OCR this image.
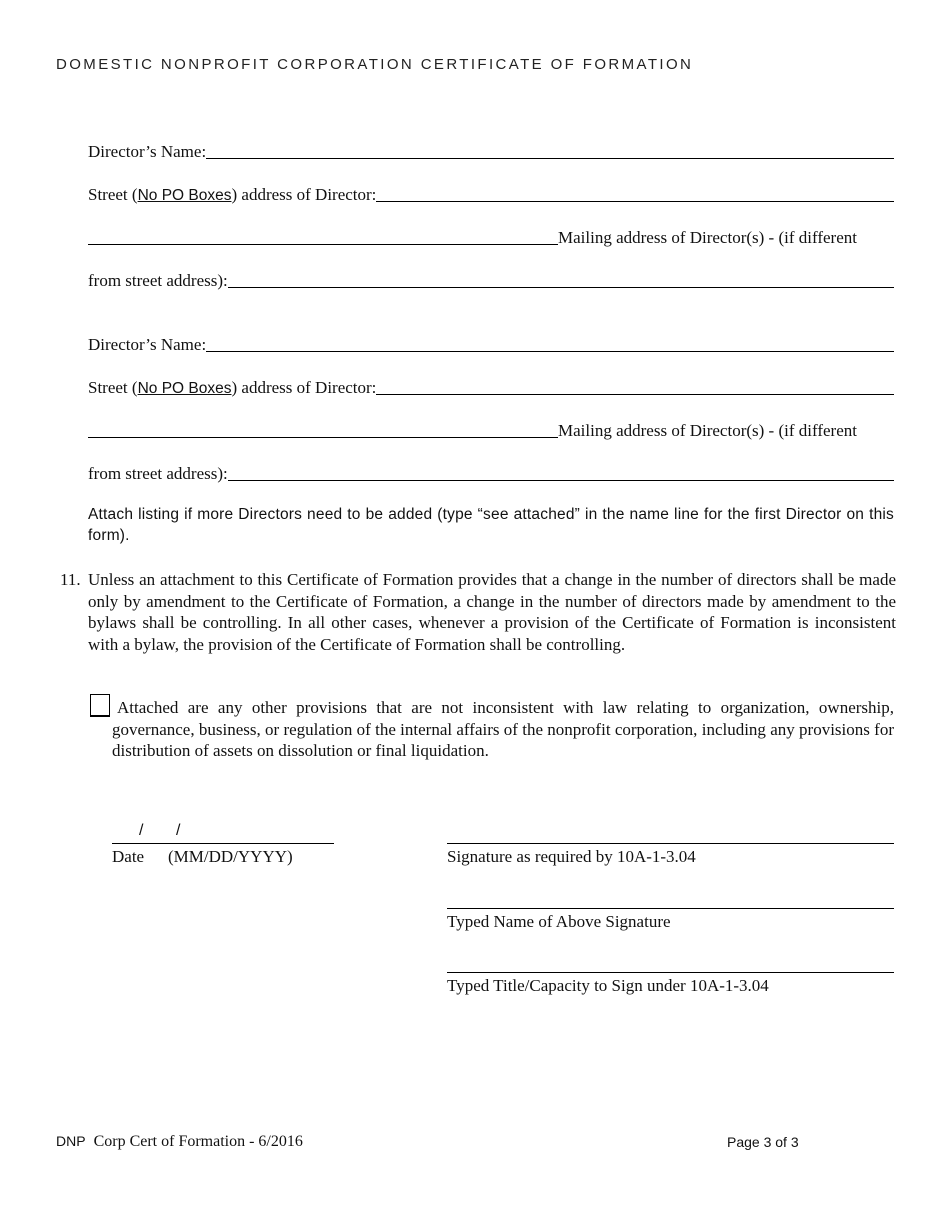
DOMESTIC NONPROFIT CORPORATION CERTIFICATE OF FORMATION
Director’s Name:
Street (No PO Boxes) address of Director:
Mailing address of Director(s) - (if different
from street address):
Director’s Name:
Street (No PO Boxes) address of Director:
Mailing address of Director(s) - (if different
from street address):
Attach listing if more Directors need to be added (type “see attached” in the name line for the first Director on this form).
11. Unless an attachment to this Certificate of Formation provides that a change in the number of directors shall be made only by amendment to the Certificate of Formation, a change in the number of directors made by amendment to the bylaws shall be controlling. In all other cases, whenever a provision of the Certificate of Formation is inconsistent with a bylaw, the provision of the Certificate of Formation shall be controlling.
Attached are any other provisions that are not inconsistent with law relating to organization, ownership, governance, business, or regulation of the internal affairs of the nonprofit corporation, including any provisions for distribution of assets on dissolution or final liquidation.
/ /
Date (MM/DD/YYYY)	Signature as required by 10A-1-3.04
Typed Name of Above Signature
Typed Title/Capacity to Sign under 10A-1-3.04
DNP Corp Cert of Formation - 6/2016	Page 3 of 3
